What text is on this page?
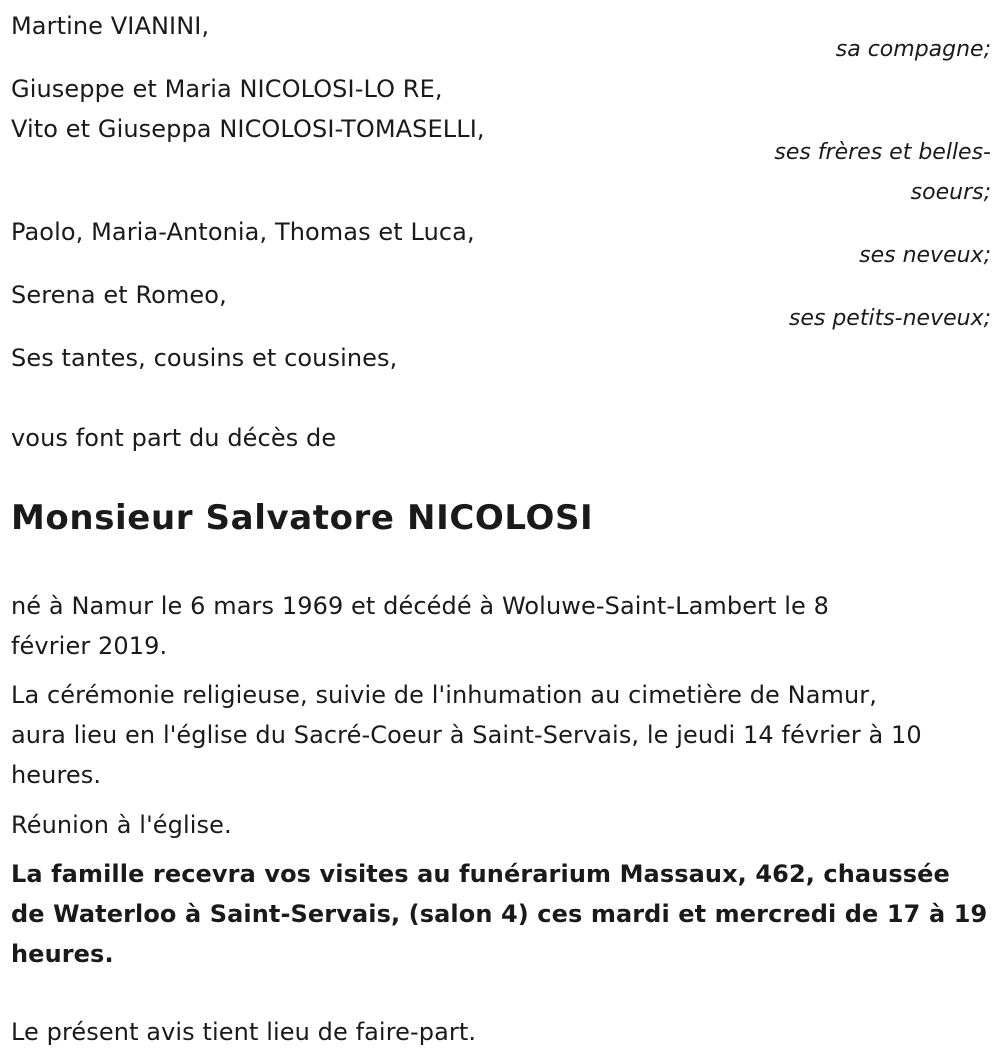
Martine VIANINI,
sa compagne;
Giuseppe et Maria NICOLOSI-LO RE,
Vito et Giuseppa NICOLOSI-TOMASELLI,
ses frères et belles-
soeurs;
Paolo, Maria-Antonia, Thomas et Luca,
ses neveux;
Serena et Romeo,
ses petits-neveux;
Ses tantes, cousins et cousines,
vous font part du décès de
Monsieur Salvatore NICOLOSI
né à Namur le 6 mars 1969 et décédé à Woluwe-Saint-Lambert le 8
février 2019.
La cérémonie religieuse, suivie de l'inhumation au cimetière de Namur,
aura lieu en l'église du Sacré-Coeur à Saint-Servais, le jeudi 14 février à 10
heures.
Réunion à l'église.
La famille recevra vos visites au funérarium Massaux, 462, chaussée
de Waterloo à Saint-Servais, (salon 4) ces mardi et mercredi de 17 à 19
heures.
Le présent avis tient lieu de faire-part.
